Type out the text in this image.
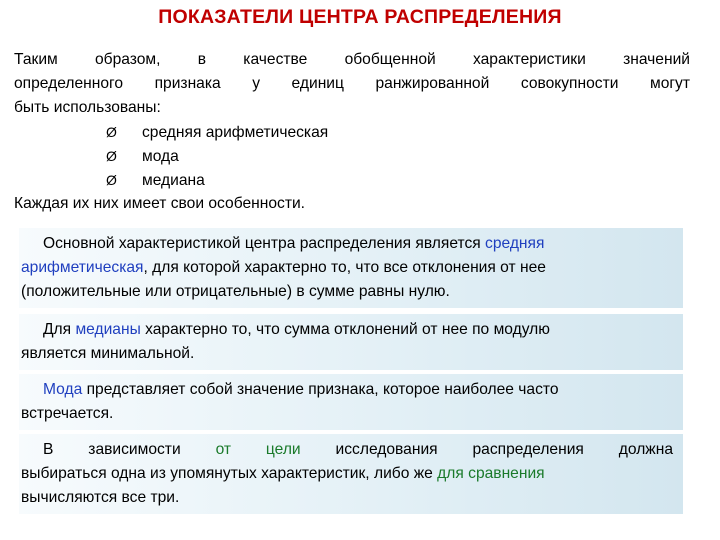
ПОКАЗАТЕЛИ ЦЕНТРА РАСПРЕДЕЛЕНИЯ
Таким образом, в качестве обобщенной характеристики значений
определенного признака у единиц ранжированной совокупности могут
быть использованы:
Ø средняя арифметическая
Ø мода
Ø медиана
Каждая их них имеет свои особенности.
Основной характеристикой центра распределения является средняя
арифметическая, для которой характерно то, что все отклонения от нее
(положительные или отрицательные) в сумме равны нулю.
Для медианы характерно то, что сумма отклонений от нее по модулю
является минимальной.
Мода представляет собой значение признака, которое наиболее часто
встречается.
В зависимости от цели исследования распределения должна
выбираться одна из упомянутых характеристик, либо же для сравнения
вычисляются все три.
